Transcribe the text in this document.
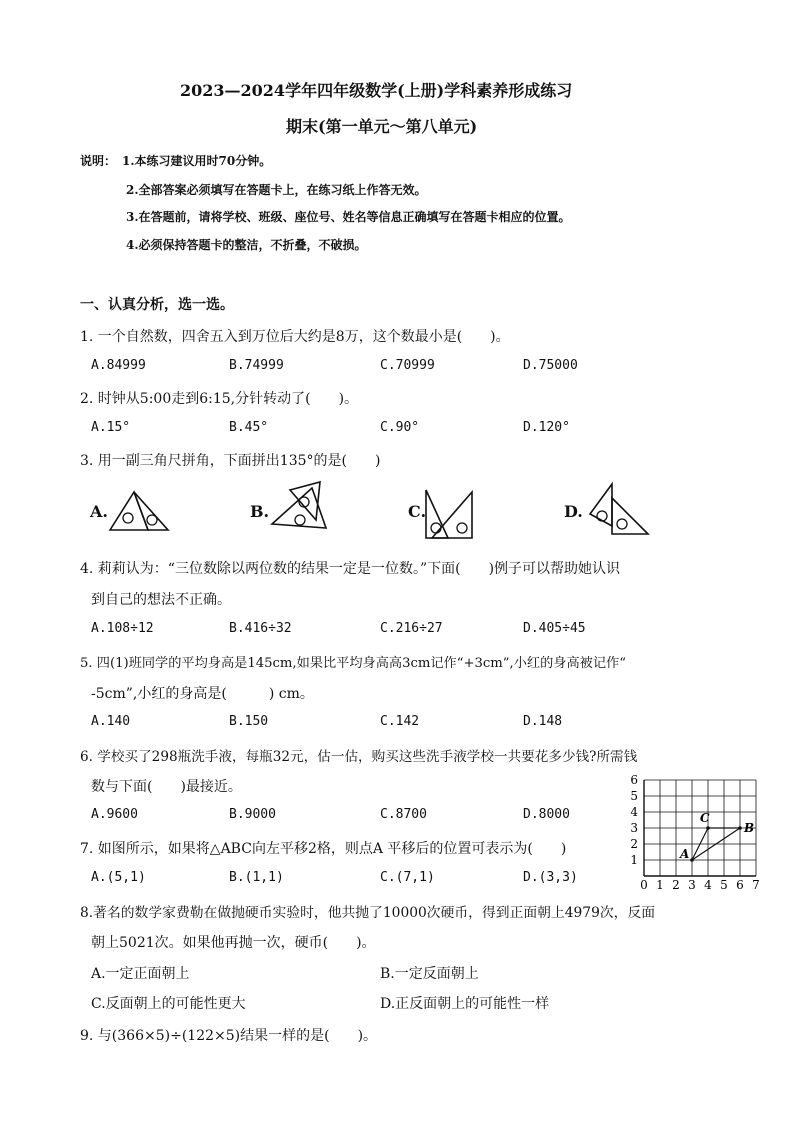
2023—2024学年四年级数学(上册)学科素养形成练习
期末(第一单元～第八单元)
说明： 1.本练习建议用时70分钟。
2.全部答案必须填写在答题卡上，在练习纸上作答无效。
3.在答题前，请将学校、班级、座位号、姓名等信息正确填写在答题卡相应的位置。
4.必须保持答题卡的整洁，不折叠，不破损。
一、认真分析，选一选。
1. 一个自然数，四舍五入到万位后大约是8万，这个数最小是(　　)。
A.84999	B.74999	C.70999	D.75000
2. 时钟从5:00走到6:15,分针转动了(　　)。
A.15°	B.45°	C.90°	D.120°
3. 用一副三角尺拼角，下面拼出135°的是(　　)
A.	B.	C.	D.
4. 莉莉认为：“三位数除以两位数的结果一定是一位数。”下面(　　)例子可以帮助她认识
到自己的想法不正确。
A.108÷12	B.416÷32	C.216÷27	D.405÷45
5. 四(1)班同学的平均身高是145cm,如果比平均身高高3cm记作“+3cm”,小红的身高被记作“
-5cm”,小红的身高是(　　　) cm。
A.140	B.150	C.142	D.148
6. 学校买了298瓶洗手液，每瓶32元，估一估，购买这些洗手液学校一共要花多少钱?所需钱
数与下面(　　)最接近。
A.9600	B.9000	C.8700	D.8000
7. 如图所示，如果将△ABC向左平移2格，则点A 平移后的位置可表示为(　　)
A.(5,1)	B.(1,1)	C.(7,1)	D.(3,3)	0 1 2 3 4 5 6 7
1
2
3
4
5
6
A
B
C
8.著名的数学家费勒在做抛硬币实验时，他共抛了10000次硬币，得到正面朝上4979次，反面
朝上5021次。如果他再抛一次，硬币(　　)。
A.一定正面朝上	B.一定反面朝上
C.反面朝上的可能性更大	D.正反面朝上的可能性一样
9. 与(366×5)÷(122×5)结果一样的是(　　)。
